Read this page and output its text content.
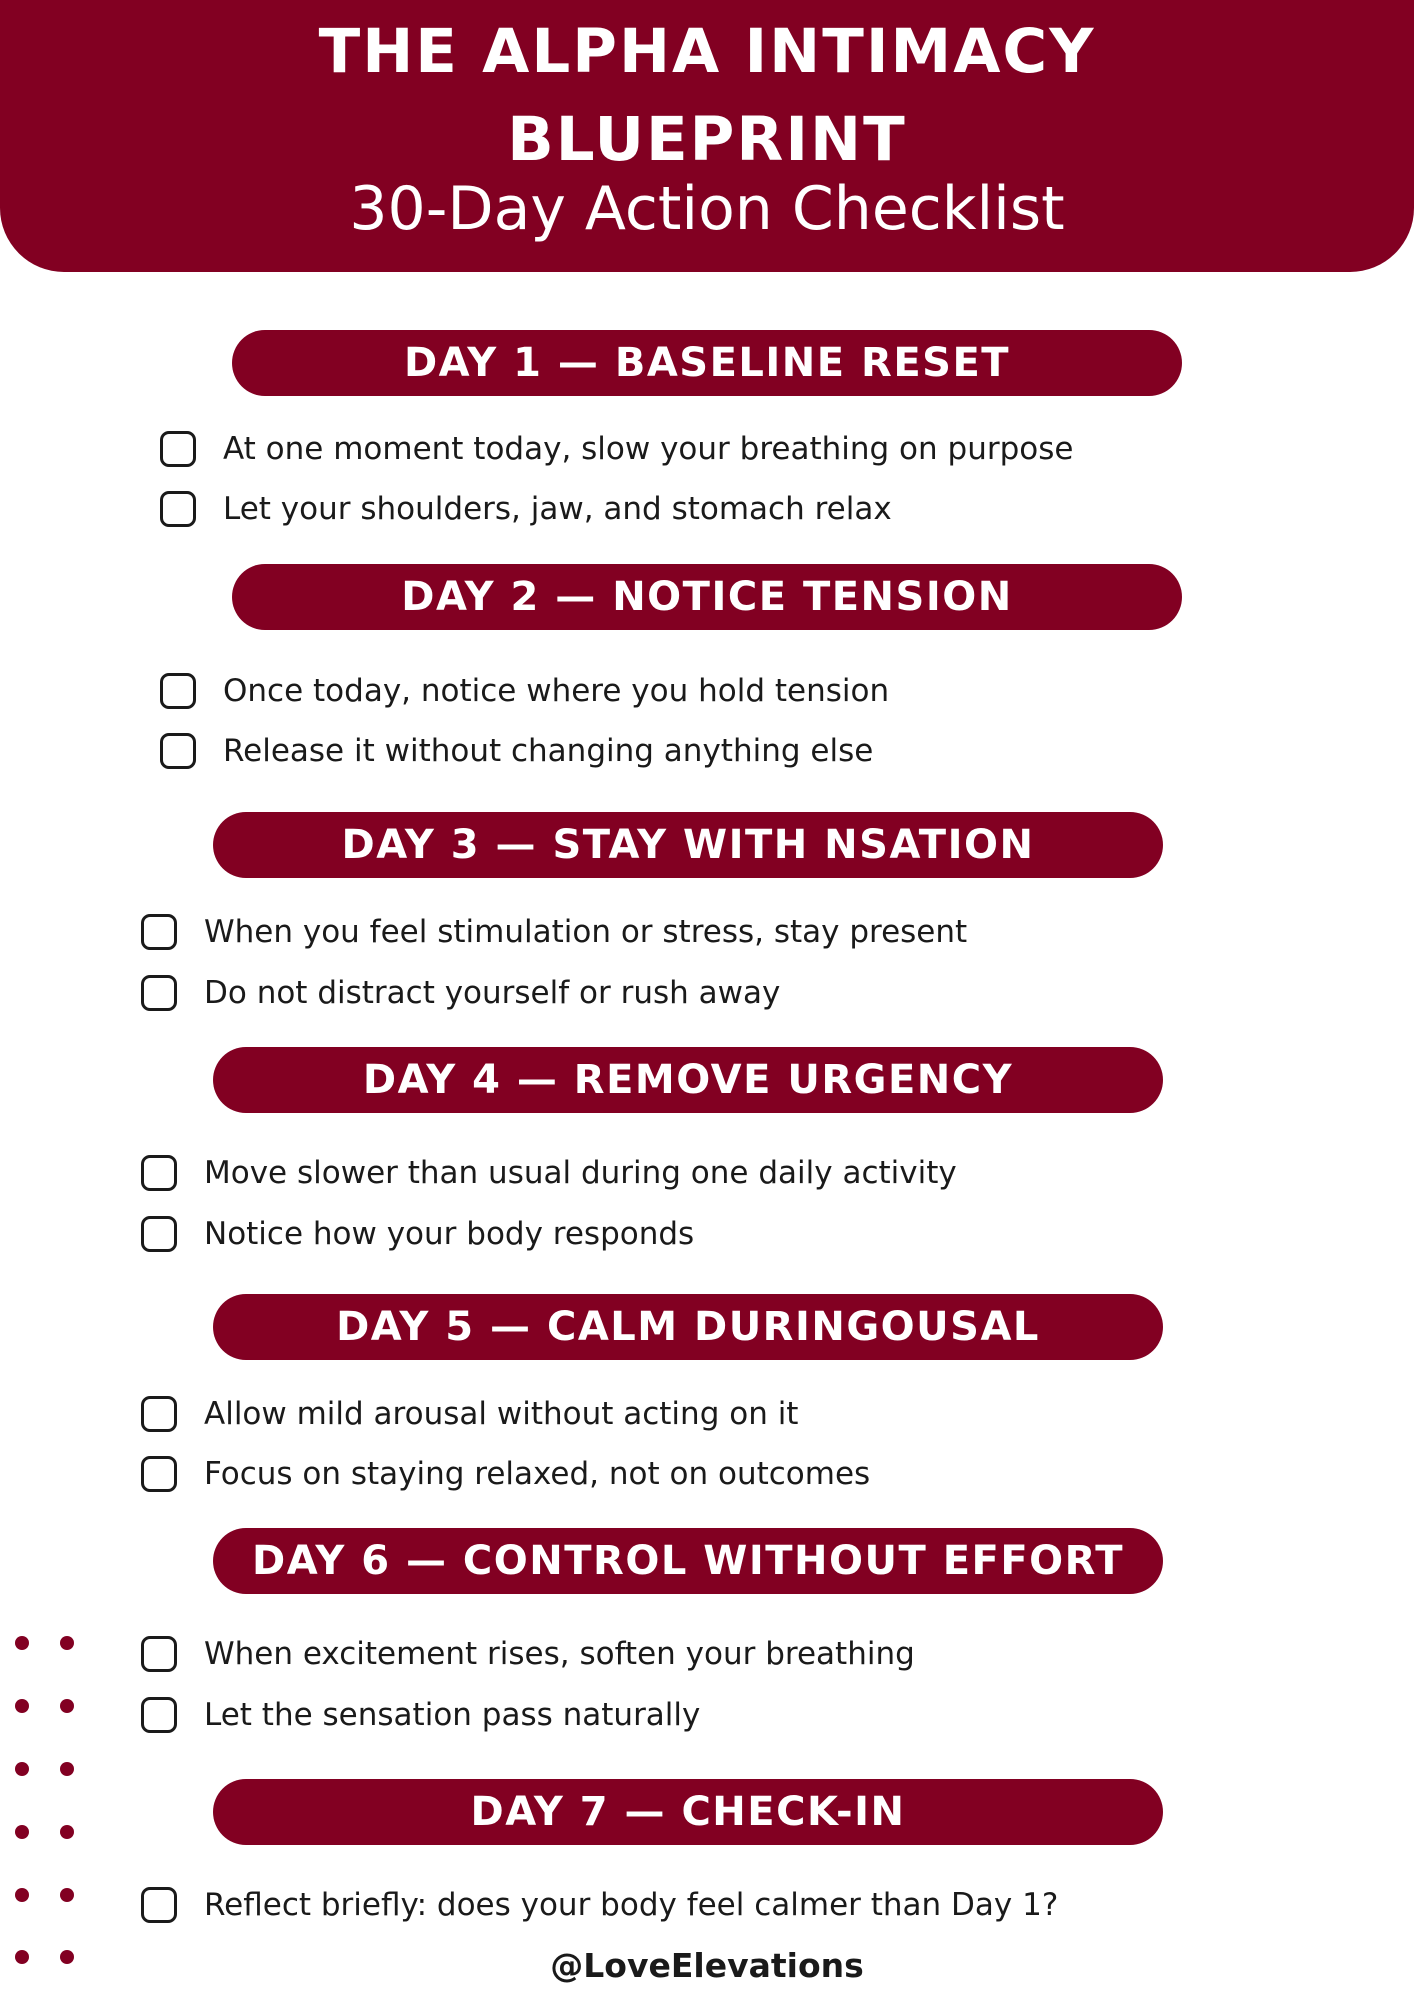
THE ALPHA INTIMACY
BLUEPRINT
30-Day Action Checklist
DAY 1 — BASELINE RESET
At one moment today, slow your breathing on purpose
Let your shoulders, jaw, and stomach relax
DAY 2 — NOTICE TENSION
Once today, notice where you hold tension
Release it without changing anything else
DAY 3 — STAY WITH NSATION
When you feel stimulation or stress, stay present
Do not distract yourself or rush away
DAY 4 — REMOVE URGENCY
Move slower than usual during one daily activity
Notice how your body responds
DAY 5 — CALM DURINGOUSAL
Allow mild arousal without acting on it
Focus on staying relaxed, not on outcomes
DAY 6 — CONTROL WITHOUT EFFORT
When excitement rises, soften your breathing
Let the sensation pass naturally
DAY 7 — CHECK-IN
Reflect briefly: does your body feel calmer than Day 1?
@LoveElevations
